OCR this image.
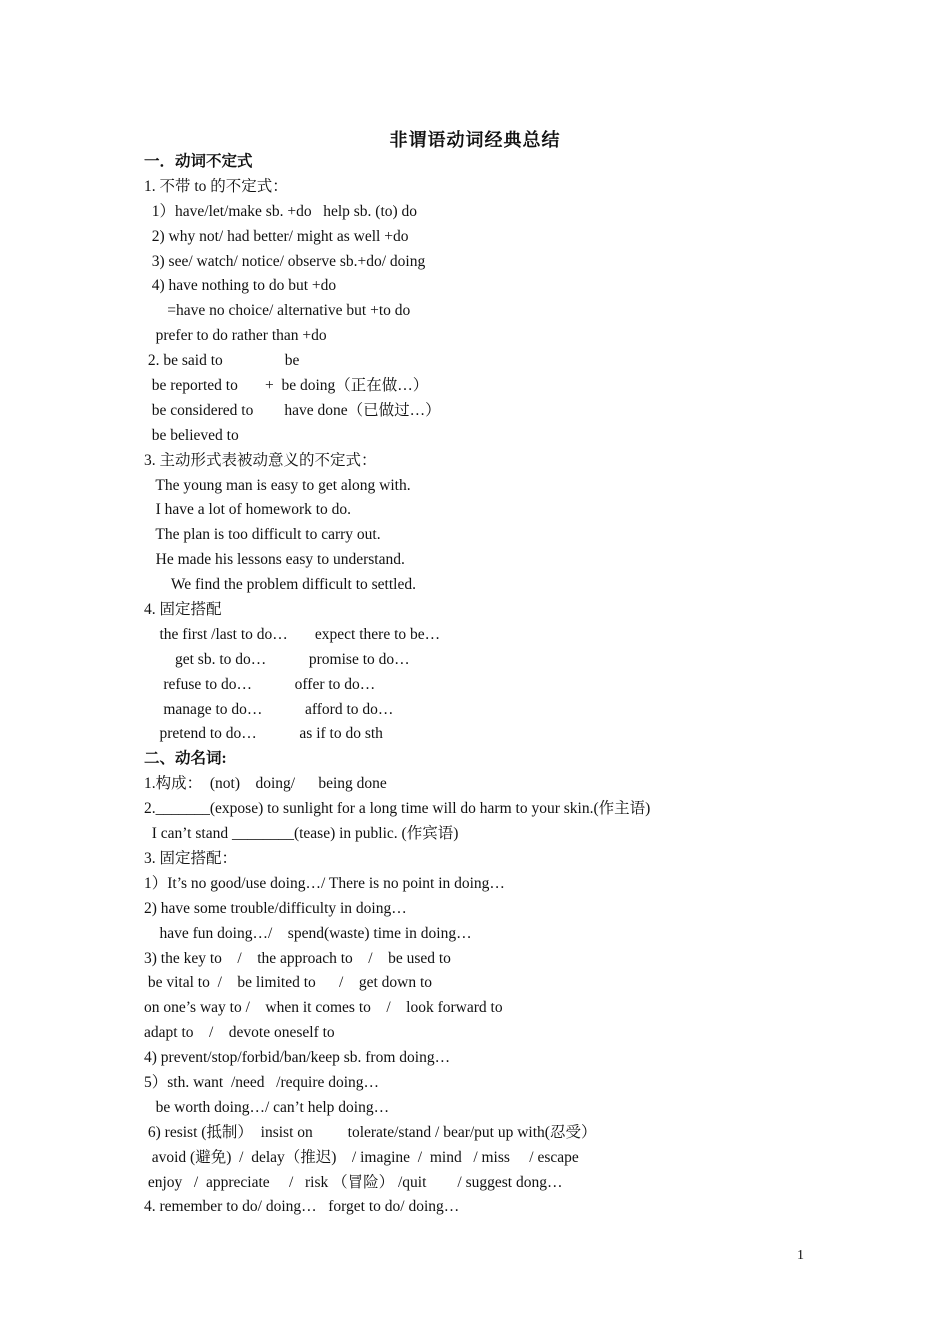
非谓语动词经典总结
一．动词不定式
1. 不带 to 的不定式：
1）have/let/make sb. +do   help sb. (to) do
2) why not/ had better/ might as well +do
3) see/ watch/ notice/ observe sb.+do/ doing
4) have nothing to do but +do
=have no choice/ alternative but +to do
prefer to do rather than +do
2. be said to                be
be reported to       +  be doing（正在做…）
be considered to        have done（已做过…）
be believed to
3. 主动形式表被动意义的不定式：
The young man is easy to get along with.
I have a lot of homework to do.
The plan is too difficult to carry out.
He made his lessons easy to understand.
We find the problem difficult to settled.
4. 固定搭配
the first /last to do…       expect there to be…
get sb. to do…           promise to do…
refuse to do…           offer to do…
manage to do…           afford to do…
pretend to do…           as if to do sth
二、动名词:
1.构成：  (not)    doing/      being done
2._______(expose) to sunlight for a long time will do harm to your skin.(作主语)
I can’t stand ________(tease) in public. (作宾语)
3. 固定搭配：
1）It’s no good/use doing…/ There is no point in doing…
2) have some trouble/difficulty in doing…
have fun doing…/    spend(waste) time in doing…
3) the key to    /    the approach to    /    be used to
be vital to  /    be limited to      /    get down to
on one’s way to /    when it comes to    /    look forward to
adapt to    /    devote oneself to
4) prevent/stop/forbid/ban/keep sb. from doing…
5）sth. want  /need   /require doing…
be worth doing…/ can’t help doing…
6) resist (抵制）  insist on         tolerate/stand / bear/put up with(忍受）
avoid (避免)  /  delay（推迟)    / imagine  /  mind   / miss     / escape
enjoy   /  appreciate     /   risk （冒险） /quit        / suggest dong…
4. remember to do/ doing…   forget to do/ doing…
1
